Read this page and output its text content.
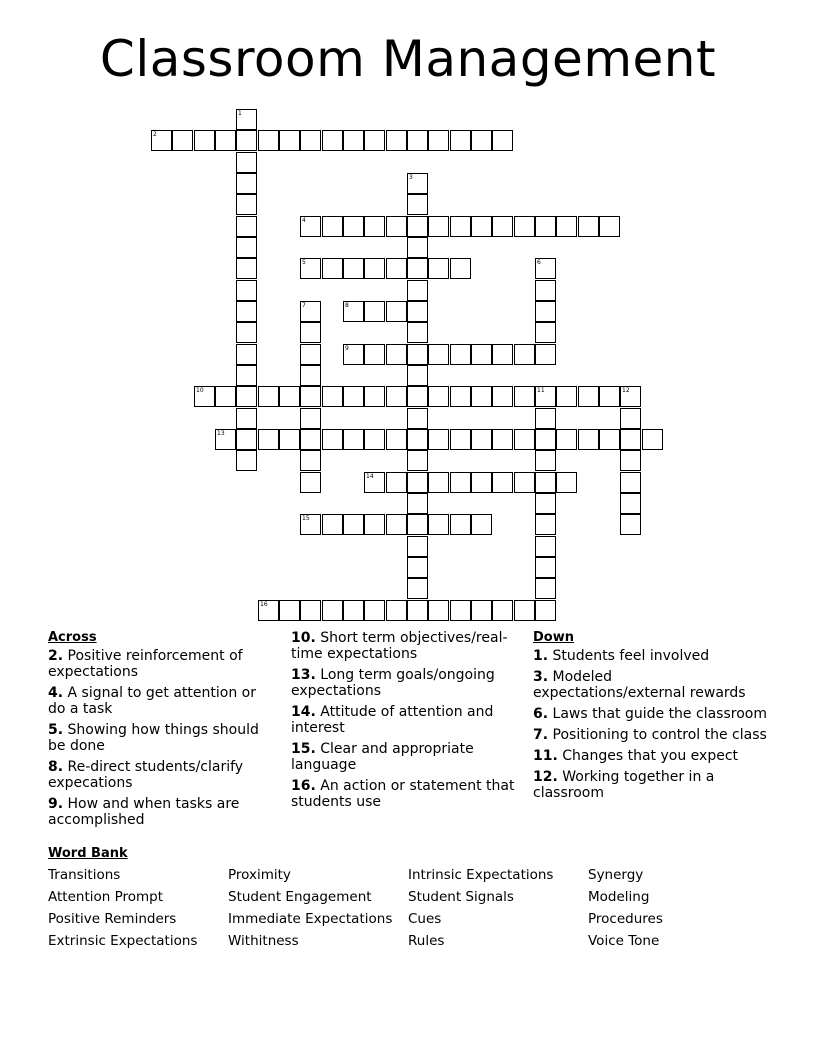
Classroom Management
1
2
3
4
5	6
7	8
9
10	11	12
13
14
15
16
Across
2. Positive reinforcement of expectations
4. A signal to get attention or do a task
5. Showing how things should be done
8. Re-direct students/clarify expecations
9. How and when tasks are accomplished
10. Short term objectives/real-time expectations
13. Long term goals/ongoing expectations
14. Attitude of attention and interest
15. Clear and appropriate language
16. An action or statement that students use
Down
1. Students feel involved
3. Modeled expectations/external rewards
6. Laws that guide the classroom
7. Positioning to control the class
11. Changes that you expect
12. Working together in a classroom
Word Bank
Transitions	Proximity	Intrinsic Expectations	Synergy
Attention Prompt	Student Engagement	Student Signals	Modeling
Positive Reminders	Immediate Expectations	Cues	Procedures
Extrinsic Expectations	Withitness	Rules	Voice Tone
